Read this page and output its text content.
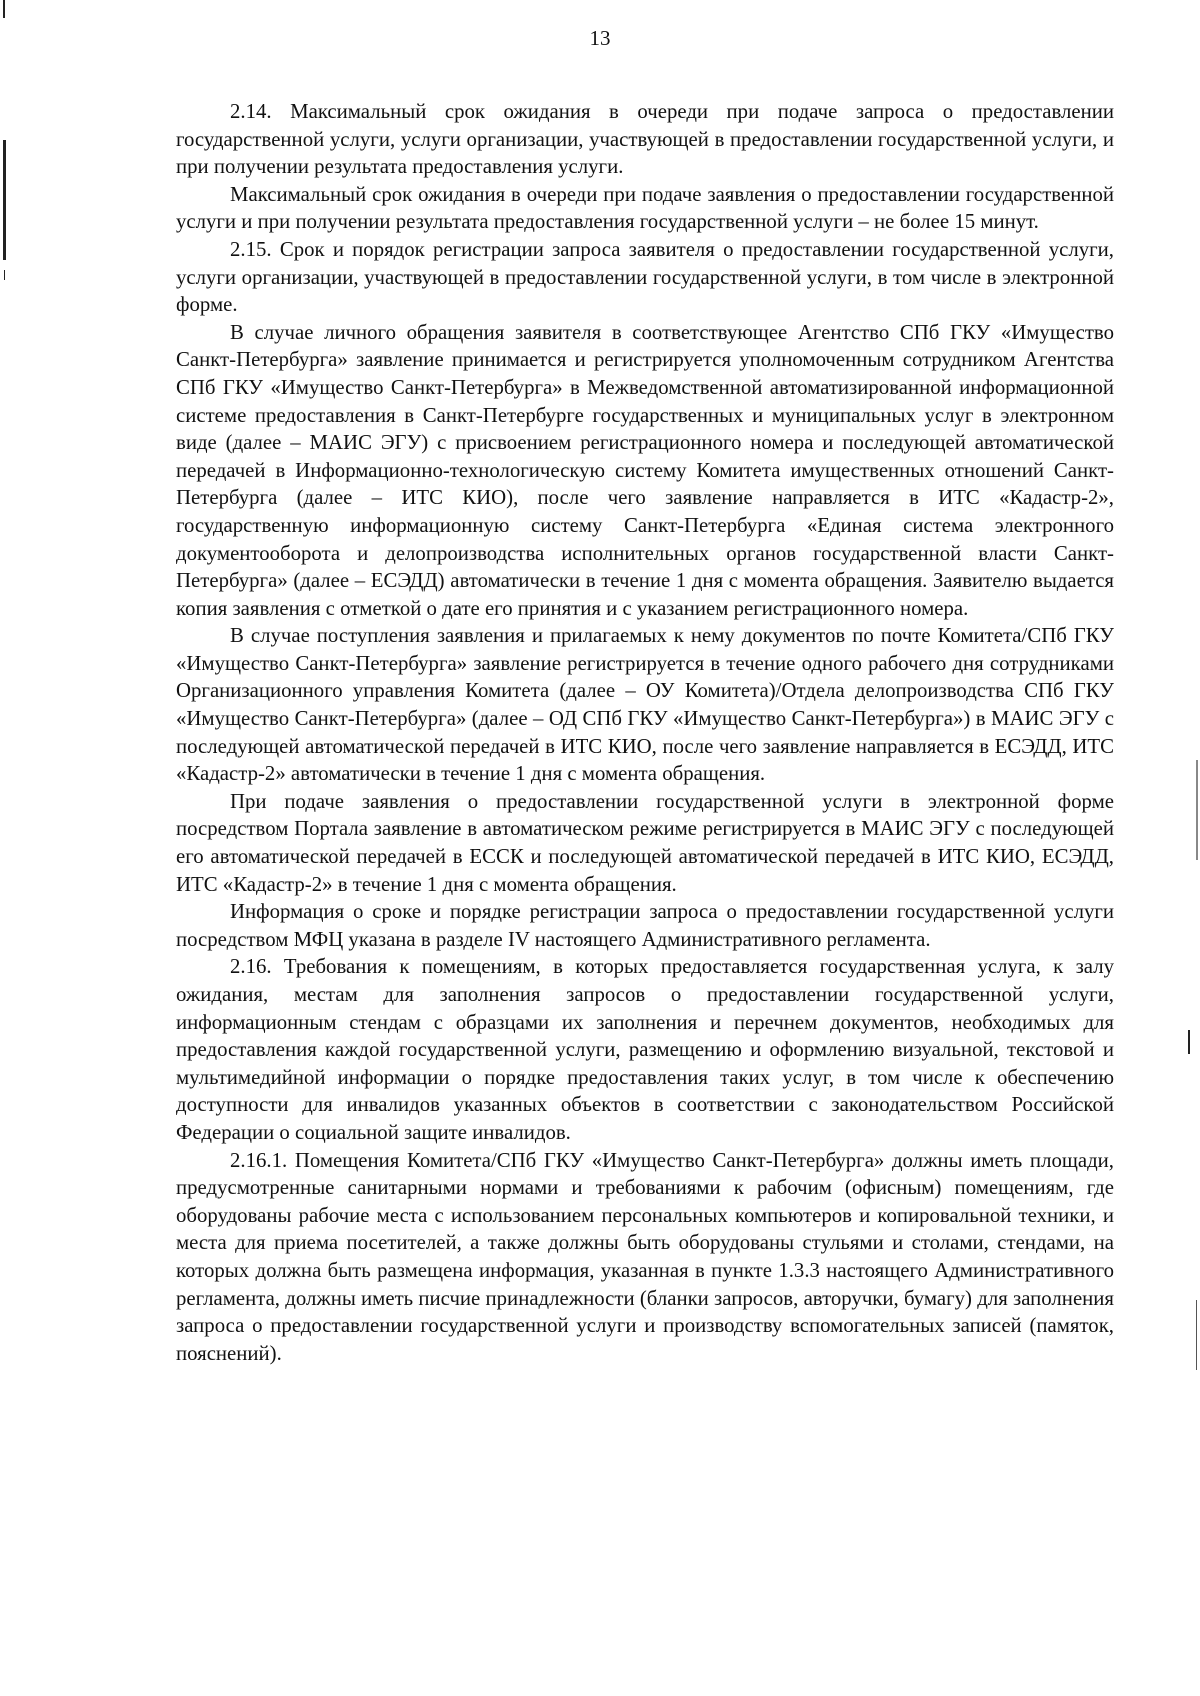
13

2.14. Максимальный срок ожидания в очереди при подаче запроса о предоставлении государственной услуги, услуги организации, участвующей в предоставлении государственной услуги, и при получении результата предоставления услуги.

Максимальный срок ожидания в очереди при подаче заявления о предоставлении государственной услуги и при получении результата предоставления государственной услуги – не более 15 минут.

2.15. Срок и порядок регистрации запроса заявителя о предоставлении государственной услуги, услуги организации, участвующей в предоставлении государственной услуги, в том числе в электронной форме.

В случае личного обращения заявителя в соответствующее Агентство СПб ГКУ «Имущество Санкт-Петербурга» заявление принимается и регистрируется уполномоченным сотрудником Агентства СПб ГКУ «Имущество Санкт-Петербурга» в Межведомственной автоматизированной информационной системе предоставления в Санкт-Петербурге государственных и муниципальных услуг в электронном виде (далее – МАИС ЭГУ) с присвоением регистрационного номера и последующей автоматической передачей в Информационно-технологическую систему Комитета имущественных отношений Санкт-Петербурга (далее – ИТС КИО), после чего заявление направляется в ИТС «Кадастр-2», государственную информационную систему Санкт-Петербурга «Единая система электронного документооборота и делопроизводства исполнительных органов государственной власти Санкт-Петербурга» (далее – ЕСЭДД) автоматически в течение 1 дня с момента обращения. Заявителю выдается копия заявления с отметкой о дате его принятия и с указанием регистрационного номера.

В случае поступления заявления и прилагаемых к нему документов по почте Комитета/СПб ГКУ «Имущество Санкт-Петербурга» заявление регистрируется в течение одного рабочего дня сотрудниками Организационного управления Комитета (далее – ОУ Комитета)/Отдела делопроизводства СПб ГКУ «Имущество Санкт-Петербурга» (далее – ОД СПб ГКУ «Имущество Санкт-Петербурга») в МАИС ЭГУ с последующей автоматической передачей в ИТС КИО, после чего заявление направляется в ЕСЭДД, ИТС «Кадастр-2» автоматически в течение 1 дня с момента обращения.

При подаче заявления о предоставлении государственной услуги в электронной форме посредством Портала заявление в автоматическом режиме регистрируется в МАИС ЭГУ с последующей его автоматической передачей в ЕССК и последующей автоматической передачей в ИТС КИО, ЕСЭДД, ИТС «Кадастр-2» в течение 1 дня с момента обращения.

Информация о сроке и порядке регистрации запроса о предоставлении государственной услуги посредством МФЦ указана в разделе IV настоящего Административного регламента.

2.16. Требования к помещениям, в которых предоставляется государственная услуга, к залу ожидания, местам для заполнения запросов о предоставлении государственной услуги, информационным стендам с образцами их заполнения и перечнем документов, необходимых для предоставления каждой государственной услуги, размещению и оформлению визуальной, текстовой и мультимедийной информации о порядке предоставления таких услуг, в том числе к обеспечению доступности для инвалидов указанных объектов в соответствии с законодательством Российской Федерации о социальной защите инвалидов.

2.16.1. Помещения Комитета/СПб ГКУ «Имущество Санкт-Петербурга» должны иметь площади, предусмотренные санитарными нормами и требованиями к рабочим (офисным) помещениям, где оборудованы рабочие места с использованием персональных компьютеров и копировальной техники, и места для приема посетителей, а также должны быть оборудованы стульями и столами, стендами, на которых должна быть размещена информация, указанная в пункте 1.3.3 настоящего Административного регламента, должны иметь писчие принадлежности (бланки запросов, авторучки, бумагу) для заполнения запроса о предоставлении государственной услуги и производству вспомогательных записей (памяток, пояснений).
